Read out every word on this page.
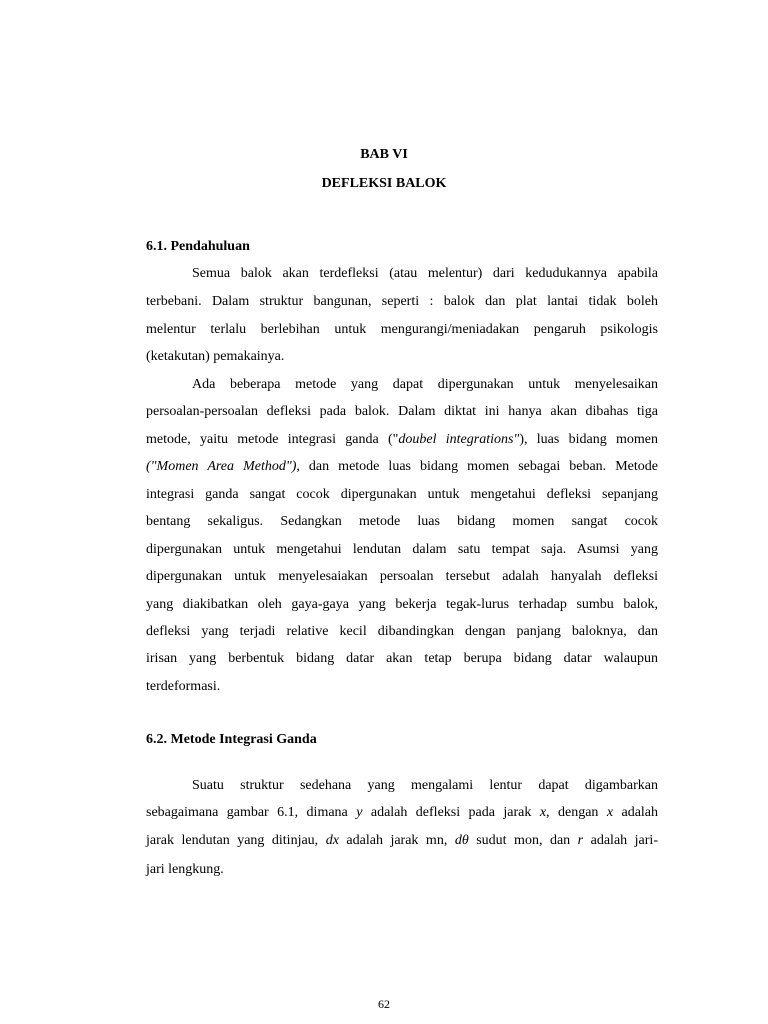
BAB VI
DEFLEKSI BALOK
6.1. Pendahuluan
Semua balok akan terdefleksi (atau melentur) dari kedudukannya apabila
terbebani. Dalam struktur bangunan, seperti : balok dan plat lantai tidak boleh
melentur terlalu berlebihan untuk mengurangi/meniadakan pengaruh psikologis
(ketakutan) pemakainya.
Ada beberapa metode yang dapat dipergunakan untuk menyelesaikan
persoalan-persoalan defleksi pada balok. Dalam diktat ini hanya akan dibahas tiga
metode, yaitu metode integrasi ganda ("doubel integrations"), luas bidang momen
("Momen Area Method"), dan metode luas bidang momen sebagai beban. Metode
integrasi ganda sangat cocok dipergunakan untuk mengetahui defleksi sepanjang
bentang sekaligus. Sedangkan metode luas bidang momen sangat cocok
dipergunakan untuk mengetahui lendutan dalam satu tempat saja. Asumsi yang
dipergunakan untuk menyelesaiakan persoalan tersebut adalah hanyalah defleksi
yang diakibatkan oleh gaya-gaya yang bekerja tegak-lurus terhadap sumbu balok,
defleksi yang terjadi relative kecil dibandingkan dengan panjang baloknya, dan
irisan yang berbentuk bidang datar akan tetap berupa bidang datar walaupun
terdeformasi.
6.2. Metode Integrasi Ganda
Suatu struktur sedehana yang mengalami lentur dapat digambarkan
sebagaimana gambar 6.1, dimana y adalah defleksi pada jarak x, dengan x adalah
jarak lendutan yang ditinjau, dx adalah jarak mn, dθ sudut mon, dan r adalah jari-
jari lengkung.
62
